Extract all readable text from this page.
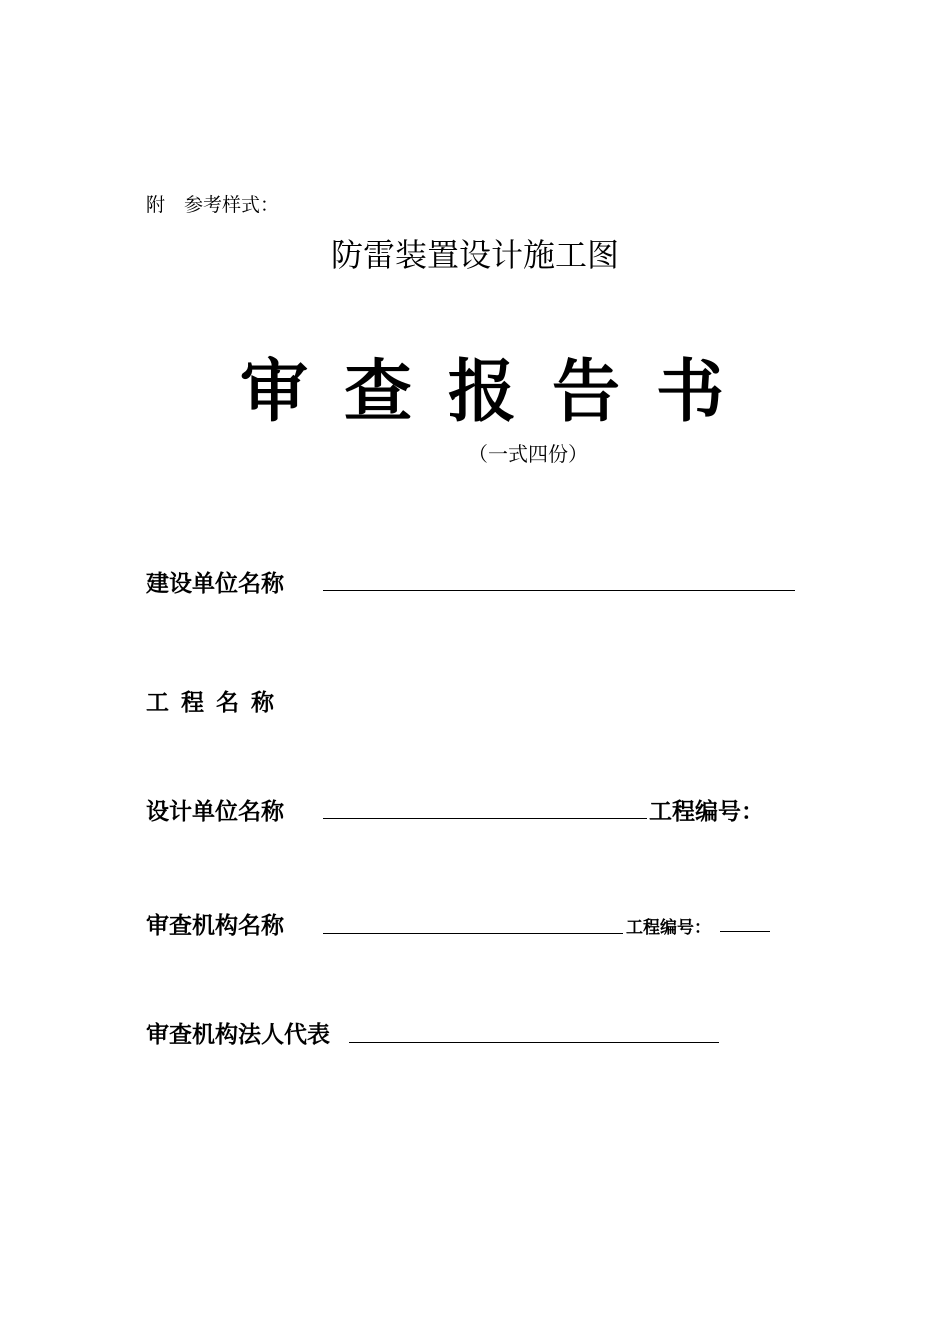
附　参考样式：
防雷装置设计施工图
审查报告书
（一式四份）
建设单位名称
工程名称
设计单位名称	工程编号：
审查机构名称	工程编号：
审查机构法人代表
